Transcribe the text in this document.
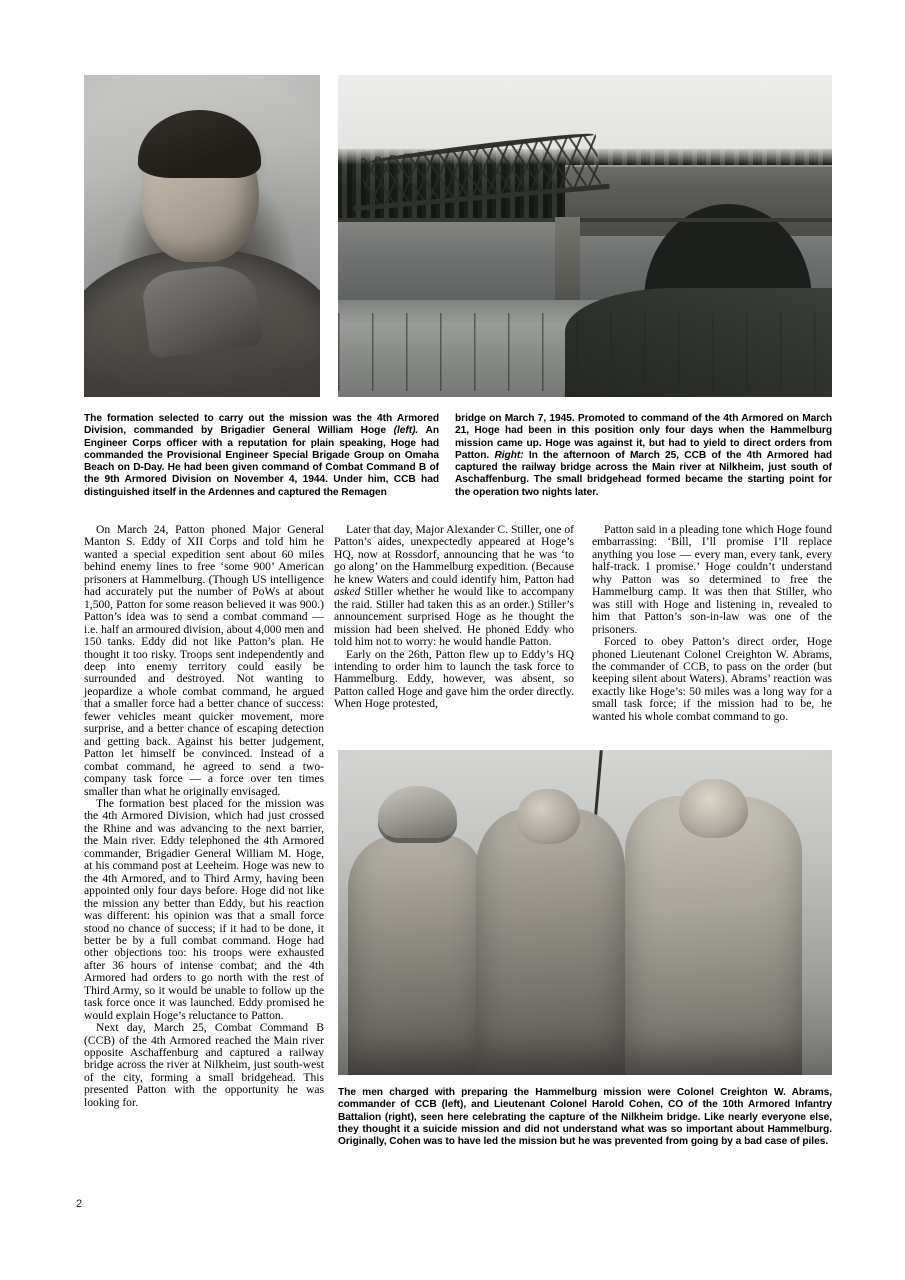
The formation selected to carry out the mission was the 4th Armored Division, commanded by Brigadier General William Hoge (left). An Engineer Corps officer with a reputation for plain speaking, Hoge had commanded the Provisional Engineer Special Brigade Group on Omaha Beach on D-Day. He had been given command of Combat Command B of the 9th Armored Division on November 4, 1944. Under him, CCB had distinguished itself in the Ardennes and captured the Remagen
bridge on March 7, 1945. Promoted to command of the 4th Armored on March 21, Hoge had been in this position only four days when the Hammelburg mission came up. Hoge was against it, but had to yield to direct orders from Patton. Right: In the afternoon of March 25, CCB of the 4th Armored had captured the railway bridge across the Main river at Nilkheim, just south of Aschaffenburg. The small bridgehead formed became the starting point for the operation two nights later.

On March 24, Patton phoned Major General Manton S. Eddy of XII Corps and told him he wanted a special expedition sent about 60 miles behind enemy lines to free ‘some 900’ American prisoners at Hammelburg. (Though US intelligence had accurately put the number of PoWs at about 1,500, Patton for some reason believed it was 900.) Patton’s idea was to send a combat command — i.e. half an armoured division, about 4,000 men and 150 tanks. Eddy did not like Patton’s plan. He thought it too risky. Troops sent independently and deep into enemy territory could easily be surrounded and destroyed. Not wanting to jeopardize a whole combat command, he argued that a smaller force had a better chance of success: fewer vehicles meant quicker movement, more surprise, and a better chance of escaping detection and getting back. Against his better judgement, Patton let himself be convinced. Instead of a combat command, he agreed to send a two-company task force — a force over ten times smaller than what he originally envisaged.

The formation best placed for the mission was the 4th Armored Division, which had just crossed the Rhine and was advancing to the next barrier, the Main river. Eddy telephoned the 4th Armored commander, Brigadier General William M. Hoge, at his command post at Leeheim. Hoge was new to the 4th Armored, and to Third Army, having been appointed only four days before. Hoge did not like the mission any better than Eddy, but his reaction was different: his opinion was that a small force stood no chance of success; if it had to be done, it better be by a full combat command. Hoge had other objections too: his troops were exhausted after 36 hours of intense combat; and the 4th Armored had orders to go north with the rest of Third Army, so it would be unable to follow up the task force once it was launched. Eddy promised he would explain Hoge’s reluctance to Patton.

Next day, March 25, Combat Command B (CCB) of the 4th Armored reached the Main river opposite Aschaffenburg and captured a railway bridge across the river at Nilkheim, just south-west of the city, forming a small bridgehead. This presented Patton with the opportunity he was looking for.

Later that day, Major Alexander C. Stiller, one of Patton’s aides, unexpectedly appeared at Hoge’s HQ, now at Rossdorf, announcing that he was ‘to go along’ on the Hammelburg expedition. (Because he knew Waters and could identify him, Patton had asked Stiller whether he would like to accompany the raid. Stiller had taken this as an order.) Stiller’s announcement surprised Hoge as he thought the mission had been shelved. He phoned Eddy who told him not to worry: he would handle Patton.

Early on the 26th, Patton flew up to Eddy’s HQ intending to order him to launch the task force to Hammelburg. Eddy, however, was absent, so Patton called Hoge and gave him the order directly. When Hoge protested,

Patton said in a pleading tone which Hoge found embarrassing: ‘Bill, I’ll promise I’ll replace anything you lose — every man, every tank, every half-track. I promise.’ Hoge couldn’t understand why Patton was so determined to free the Hammelburg camp. It was then that Stiller, who was still with Hoge and listening in, revealed to him that Patton’s son-in-law was one of the prisoners.

Forced to obey Patton’s direct order, Hoge phoned Lieutenant Colonel Creighton W. Abrams, the commander of CCB, to pass on the order (but keeping silent about Waters). Abrams’ reaction was exactly like Hoge’s: 50 miles was a long way for a small task force; if the mission had to be, he wanted his whole combat command to go.

The men charged with preparing the Hammelburg mission were Colonel Creighton W. Abrams, commander of CCB (left), and Lieutenant Colonel Harold Cohen, CO of the 10th Armored Infantry Battalion (right), seen here celebrating the capture of the Nilkheim bridge. Like nearly everyone else, they thought it a suicide mission and did not understand what was so important about Hammelburg. Originally, Cohen was to have led the mission but he was prevented from going by a bad case of piles.
2
